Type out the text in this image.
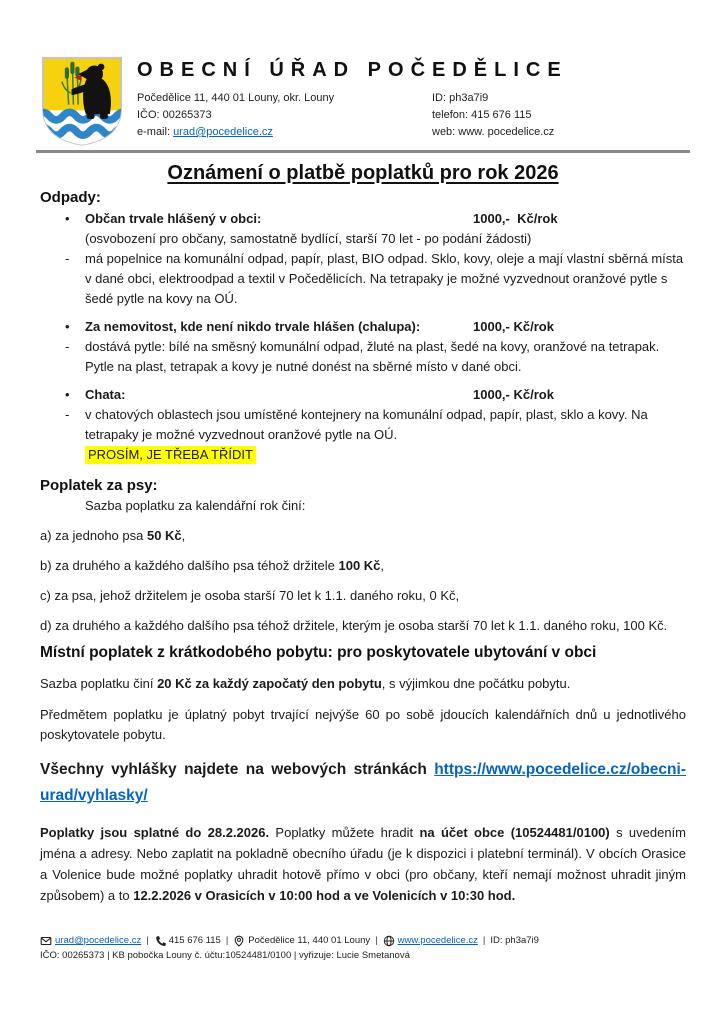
OBECNÍ ÚŘAD POČEDĚLICE
Počedělice 11, 440 01 Louny, okr. Louny
IČO: 00265373
e-mail: urad@pocedelice.cz
ID: ph3a7i9
telefon: 415 676 115
web: www. pocedelice.cz
Oznámení o platbě poplatků pro rok 2026
Odpady:
• Občan trvale hlášený v obci:	1000,-  Kč/rok
(osvobození pro občany, samostatně bydlící, starší 70 let - po podání žádosti)
- má popelnice na komunální odpad, papír, plast, BIO odpad. Sklo, kovy, oleje a mají vlastní sběrná místa v dané obci, elektroodpad a textil v Počedělicích. Na tetrapaky je možné vyzvednout oranžové pytle s šedé pytle na kovy na OÚ.
• Za nemovitost, kde není nikdo trvale hlášen (chalupa):	1000,- Kč/rok
- dostává pytle: bílé na směsný komunální odpad, žluté na plast, šedé na kovy, oranžové na tetrapak. Pytle na plast, tetrapak a kovy je nutné donést na sběrné místo v dané obci.
• Chata:	1000,- Kč/rok
- v chatových oblastech jsou umístěné kontejnery na komunální odpad, papír, plast, sklo a kovy. Na tetrapaky je možné vyzvednout oranžové pytle na OÚ.
PROSÍM, JE TŘEBA TŘÍDIT
Poplatek za psy:

Sazba poplatku za kalendářní rok činí:

a) za jednoho psa 50 Kč,

b) za druhého a každého dalšího psa téhož držitele 100 Kč,

c) za psa, jehož držitelem je osoba starší 70 let k 1.1. daného roku, 0 Kč,

d) za druhého a každého dalšího psa téhož držitele, kterým je osoba starší 70 let k 1.1. daného roku, 100 Kč.

Místní poplatek z krátkodobého pobytu: pro poskytovatele ubytování v obci

Sazba poplatku činí 20 Kč za každý započatý den pobytu, s výjimkou dne počátku pobytu.

Předmětem poplatku je úplatný pobyt trvající nejvýše 60 po sobě jdoucích kalendářních dnů u jednotlivého poskytovatele pobytu.

Všechny vyhlášky najdete na webových stránkách https://www.pocedelice.cz/obecni-urad/vyhlasky/

Poplatky jsou splatné do 28.2.2026. Poplatky můžete hradit na účet obce (10524481/0100) s uvedením jména a adresy. Nebo zaplatit na pokladně obecního úřadu (je k dispozici i platební terminál). V obcích Orasice a Volenice bude možné poplatky uhradit hotově přímo v obci (pro občany, kteří nemají možnost uhradit jiným způsobem) a to 12.2.2026 v Orasicích v 10:00 hod a ve Volenicích v 10:30 hod.

urad@pocedelice.cz | 415 676 115 | Počedělice 11, 440 01 Louny | www.pocedelice.cz | ID: ph3a7i9
IČO: 00265373 | KB pobočka Louny č. účtu:10524481/0100 | vyřizuje: Lucie Smetanová
